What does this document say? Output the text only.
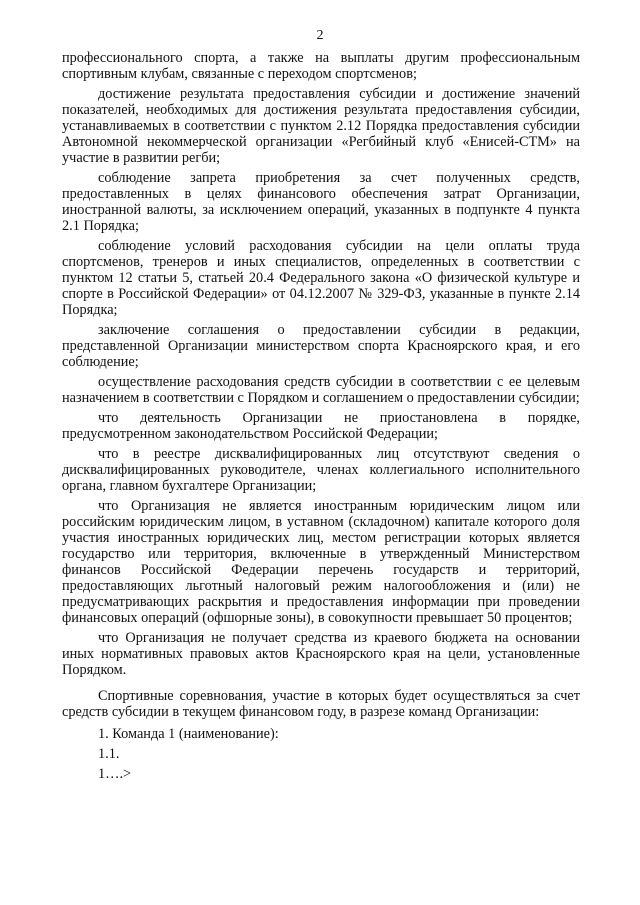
2

профессионального спорта, а также на выплаты другим профессиональным спортивным клубам, связанные с переходом спортсменов;

достижение результата предоставления субсидии и достижение значений показателей, необходимых для достижения результата предоставления субсидии, устанавливаемых в соответствии с пунктом 2.12 Порядка предоставления субсидии Автономной некоммерческой организации «Регбийный клуб «Енисей-СТМ» на участие в развитии регби;

соблюдение запрета приобретения за счет полученных средств, предоставленных в целях финансового обеспечения затрат Организации, иностранной валюты, за исключением операций, указанных в подпункте 4 пункта 2.1 Порядка;

соблюдение условий расходования субсидии на цели оплаты труда спортсменов, тренеров и иных специалистов, определенных в соответствии с пунктом 12 статьи 5, статьей 20.4 Федерального закона «О физической культуре и спорте в Российской Федерации» от 04.12.2007 № 329-ФЗ, указанные в пункте 2.14 Порядка;

заключение соглашения о предоставлении субсидии в редакции, представленной Организации министерством спорта Красноярского края, и его соблюдение;

осуществление расходования средств субсидии в соответствии с ее целевым назначением в соответствии с Порядком и соглашением о предоставлении субсидии;

что деятельность Организации не приостановлена в порядке, предусмотренном законодательством Российской Федерации;

что в реестре дисквалифицированных лиц отсутствуют сведения о дисквалифицированных руководителе, членах коллегиального исполнительного органа, главном бухгалтере Организации;

что Организация не является иностранным юридическим лицом или российским юридическим лицом, в уставном (складочном) капитале которого доля участия иностранных юридических лиц, местом регистрации которых является государство или территория, включенные в утвержденный Министерством финансов Российской Федерации перечень государств и территорий, предоставляющих льготный налоговый режим налогообложения и (или) не предусматривающих раскрытия и предоставления информации при проведении финансовых операций (офшорные зоны), в совокупности превышает 50 процентов;

что Организация не получает средства из краевого бюджета на основании иных нормативных правовых актов Красноярского края на цели, установленные Порядком.

Спортивные соревнования, участие в которых будет осуществляться за счет средств субсидии в текущем финансовом году, в разрезе команд Организации:

1. Команда 1 (наименование):
1.1.
1….>
